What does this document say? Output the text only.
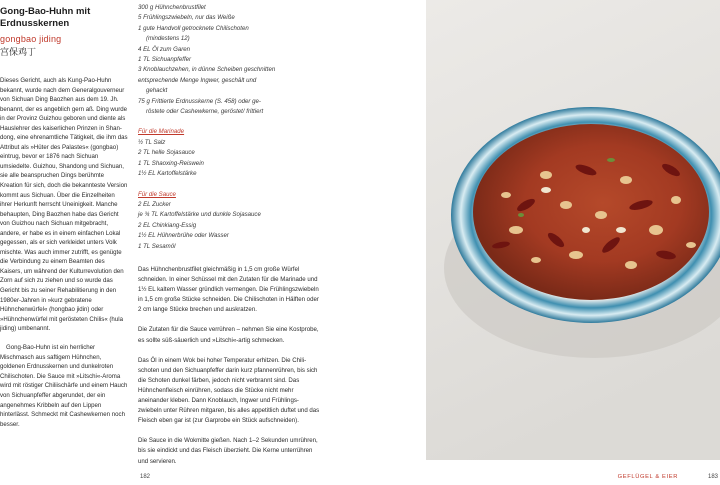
Gong-Bao-Huhn mit
Erdnusskernen
gongbao jiding
宫保鸡丁

Dieses Gericht, auch als Kung-Pao-Huhn bekannt, wurde nach dem Generalgouverneur von Sichuan Ding Baozhen aus dem 19. Jh. benannt, der es angeblich gern aß. Ding wurde in der Provinz Guizhou geboren und diente als Hauslehrer des kaiserlichen Prinzen in Shandong, eine ehrenamtliche Tätigkeit, die ihm das Attribut als »Hüter des Palastes« (gongbao) eintrug, bevor er 1876 nach Sichuan umsiedelte. Guizhou, Shandong und Sichuan, sie alle beanspruchen Dings berühmte Kreation für sich, doch die bekannteste Version kommt aus Sichuan. Über die Einzelheiten ihrer Herkunft herrscht Uneinigkeit. Manche behaupten, Ding Baozhen habe das Gericht von Guizhou nach Sichuan mitgebracht, andere, er habe es in einem einfachen Lokal gegessen, als er sich verkleidet unters Volk mischte. Was auch immer zutrifft, es genügte die Verbindung zu einem Beamten des Kaisers, um während der Kulturrevolution den Zorn auf sich zu ziehen und so wurde das Gericht bis zu seiner Rehabilitierung in den 1980er-Jahren in »kurz gebratene Hühnchenwürfel« (hongbao jidin) oder »Hühnchenwürfel mit gerösteten Chilis« (hula jiding) umbenannt.

Gong-Bao-Huhn ist ein herrlicher Mischmasch aus saftigem Hühnchen, goldenen Erdnusskernen und dunkelroten Chilischoten. Die Sauce mit »Litschi«-Aroma wird mit röstiger Chiliischärfe und einem Hauch von Sichuanpfeffer abgerundet, der ein angenehmes Kribbeln auf den Lippen hinterlässt. Schmeckt mit Cashewkernen noch besser.

300 g Hühnchenbrustfilet
5 Frühlingszwiebeln, nur das Weiße
1 gute Handvoll getrocknete Chilischoten
(mindestens 12)
4 EL Öl zum Garen
1 TL Sichuanpfeffer
3 Knoblauchzehen, in dünne Scheiben geschnitten
entsprechende Menge Ingwer, geschält und
gehackt
75 g Frittierte Erdnusskerne (S. 458) oder ge-
röstete oder Cashewkerne, geröstet/ frittiert
Für die Marinade
½ TL Salz
2 TL helle Sojasauce
1 TL Shaoxing-Reiswein
1½ EL Kartoffelstärke
Für die Sauce
2 EL Zucker
je ¾ TL Kartoffelstärke und dunkle Sojasauce
2 EL Chinkiang-Essig
1½ EL Hühnerbrühe oder Wasser
1 TL Sesamöl

Das Hühnchenbrustfilet gleichmäßig in 1,5 cm große Würfel schneiden. In einer Schüssel mit den Zutaten für die Marinade und 1½ EL kaltem Wasser gründlich vermengen. Die Frühlingszwiebeln in 1,5 cm große Stücke schneiden. Die Chilischoten in Hälften oder 2 cm lange Stücke brechen und auskratzen.

Die Zutaten für die Sauce verrühren – nehmen Sie eine Kostprobe, es sollte süß-säuerlich und »Litschi«-artig schmecken.

Das Öl in einem Wok bei hoher Temperatur erhitzen. Die Chilischoten und den Sichuanpfeffer darin kurz pfannenrühren, bis sich die Schoten dunkel färben, jedoch nicht verbrannt sind. Das Hühnchenfleisch einrühren, sodass die Stücke nicht mehr aneinander kleben. Dann Knoblauch, Ingwer und Frühlingszwiebeln unter Rühren mitgaren, bis alles appetitlich duftet und das Fleisch eben gar ist (zur Garprobe ein Stück aufschneiden).

Die Sauce in die Wokmitte gießen. Nach 1–2 Sekunden umrühren, bis sie eindickt und das Fleisch überzieht. Die Kerne unterrühren und servieren.

182	GEFLÜGEL & EIER	183
